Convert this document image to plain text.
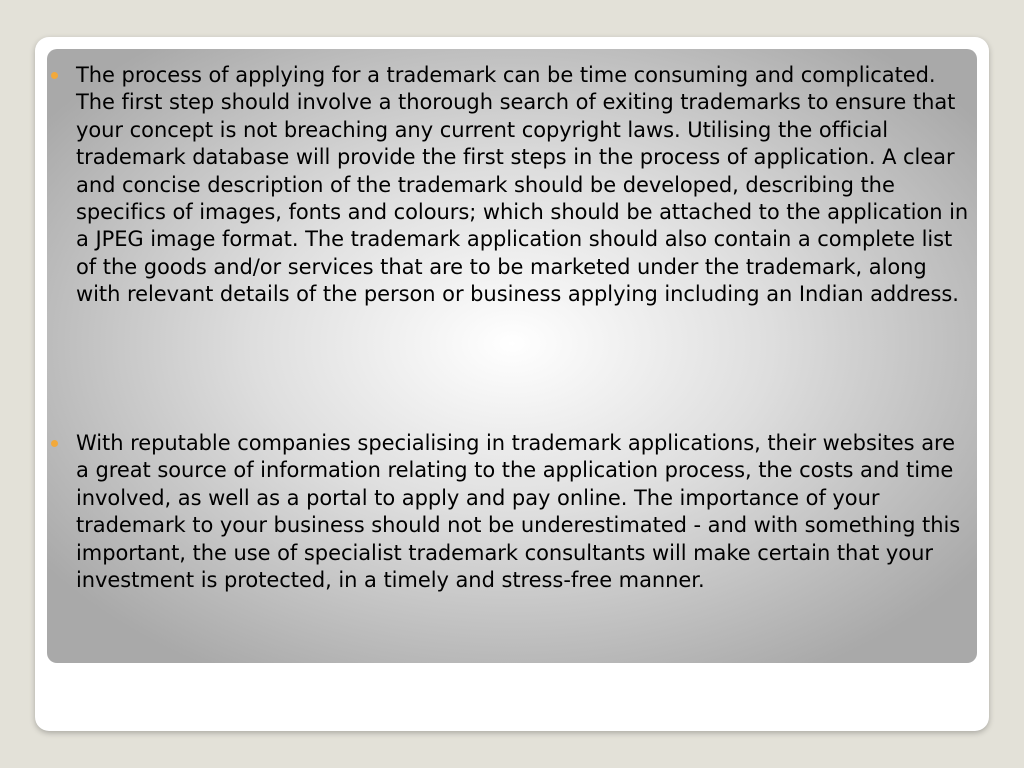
The process of applying for a trademark can be time consuming and complicated. The first step should involve a thorough search of exiting trademarks to ensure that your concept is not breaching any current copyright laws. Utilising the official trademark database will provide the first steps in the process of application. A clear and concise description of the trademark should be developed, describing the specifics of images, fonts and colours; which should be attached to the application in a JPEG image format. The trademark application should also contain a complete list of the goods and/or services that are to be marketed under the trademark, along with relevant details of the person or business applying including an Indian address.
With reputable companies specialising in trademark applications, their websites are a great source of information relating to the application process, the costs and time involved, as well as a portal to apply and pay online. The importance of your trademark to your business should not be underestimated - and with something this important, the use of specialist trademark consultants will make certain that your investment is protected, in a timely and stress-free manner.
